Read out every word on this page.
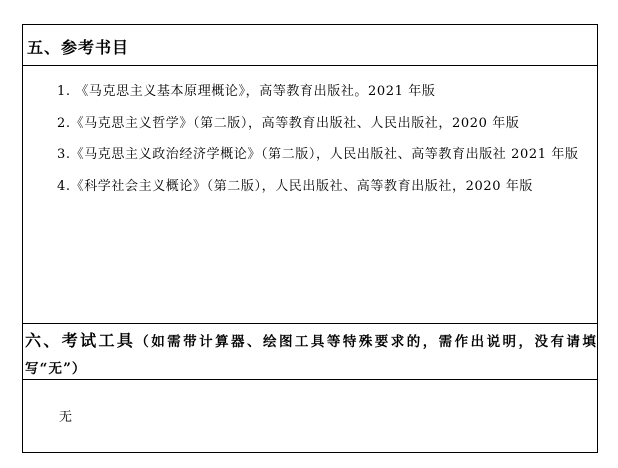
五、参考书目

1. 《马克思主义基本原理概论》，高等教育出版社。2021 年版

2.《马克思主义哲学》（第二版），高等教育出版社、人民出版社，2020 年版

3.《马克思主义政治经济学概论》（第二版），人民出版社、高等教育出版社 2021 年版

4.《科学社会主义概论》（第二版），人民出版社、高等教育出版社，2020 年版

六、考试工具（如需带计算器、绘图工具等特殊要求的，需作出说明，没有请填写“无”）
无
